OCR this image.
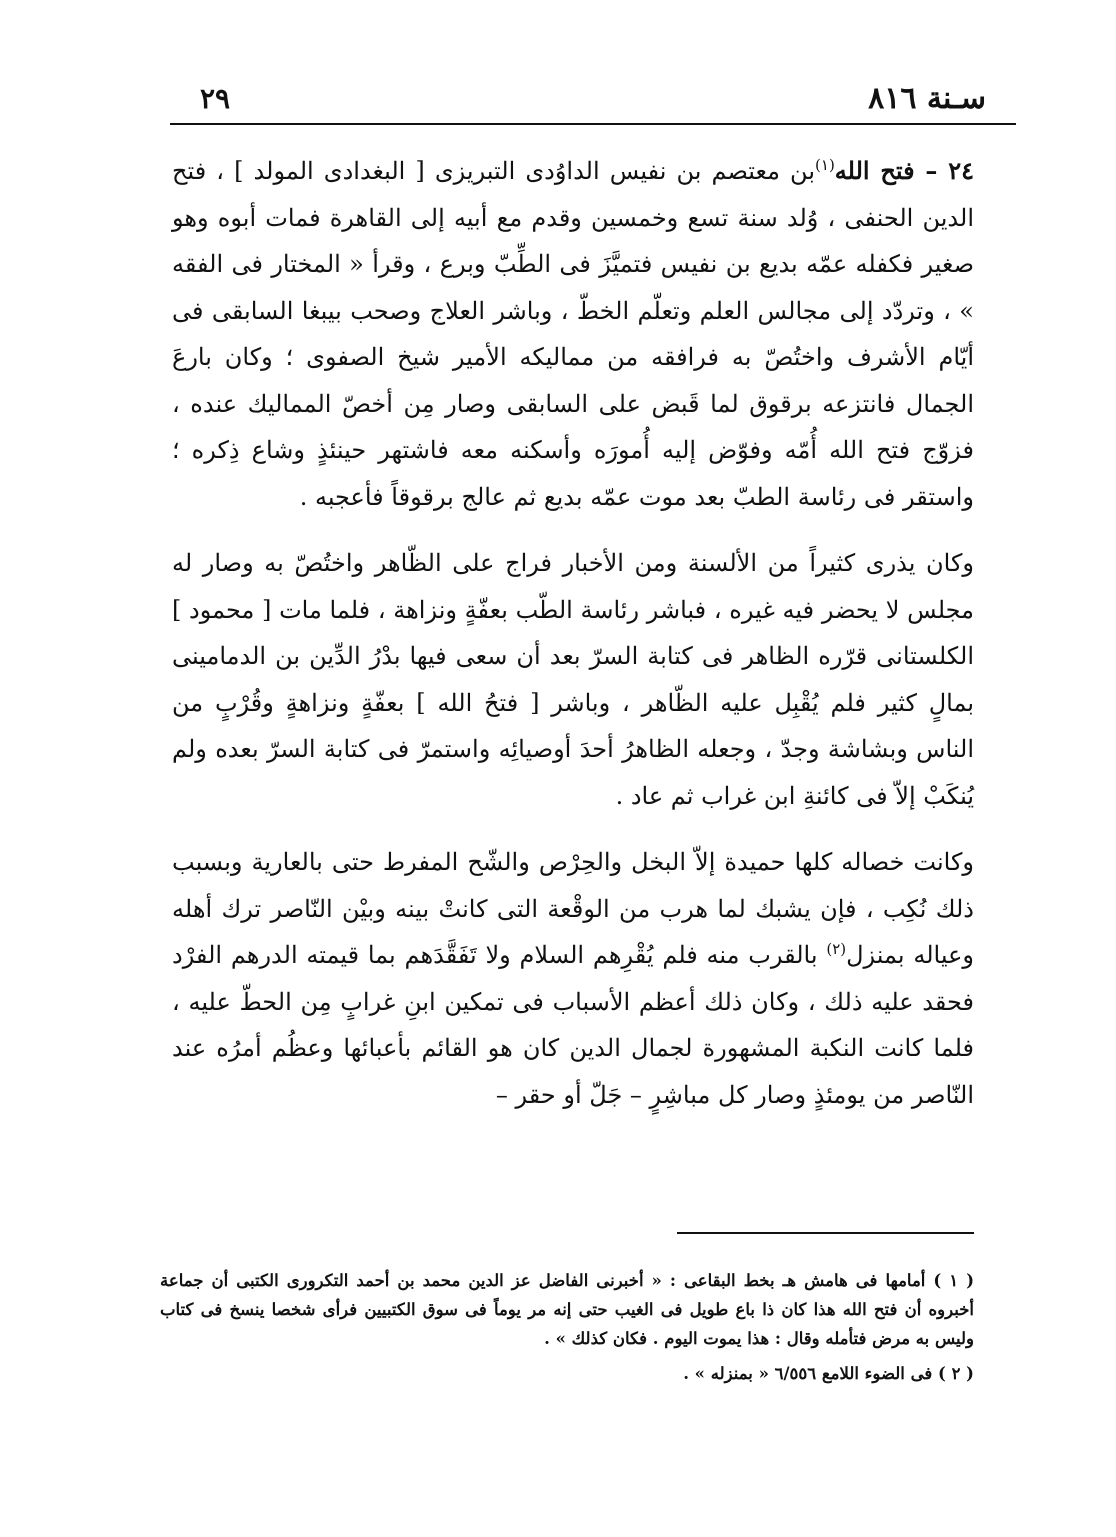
سـنة ٨١٦
٢٩

٢٤ – فتح الله$^{(١)}$بن معتصم بن نفيس الداوُدى التبريزى [ البغدادى المولد ] ، فتح الدين الحنفى ، وُلد سنة تسع وخمسين وقدم مع أبيه إلى القاهرة فمات أبوه وهو صغير فكفله عمّه بديع بن نفيس فتميَّزَ فى الطِّبّ وبرع ، وقرأ « المختار فى الفقه » ، وتردّد إلى مجالس العلم وتعلّم الخطّ ، وباشر العلاج وصحب بيبغا السابقى فى أيّام الأشرف واختُصّ به فرافقه من مماليكه الأمير شيخ الصفوى ؛ وكان بارعَ الجمال فانتزعه برقوق لما قَبض على السابقى وصار مِن أخصّ المماليك عنده ، فزوّج فتح الله أُمّه وفوّض إليه أُمورَه وأسكنه معه فاشتهر حينئذٍ وشاع ذِكره ؛ واستقر فى رئاسة الطبّ بعد موت عمّه بديع ثم عالج برقوقاً فأعجبه .

وكان يذرى كثيراً من الألسنة ومن الأخبار فراج على الظّاهر واختُصّ به وصار له مجلس لا يحضر فيه غيره ، فباشر رئاسة الطّب بعفّةٍ ونزاهة ، فلما مات [ محمود ] الكلستانى قرّره الظاهر فى كتابة السرّ بعد أن سعى فيها بدْرُ الدِّين بن الدمامينى بمالٍ كثير فلم يُقْبِل عليه الظّاهر ، وباشر [ فتحُ الله ] بعفّةٍ ونزاهةٍ وقُرْبٍ من الناس وبشاشة وجدّ ، وجعله الظاهرُ أحدَ أوصيائِه واستمرّ فى كتابة السرّ بعده ولم يُنكَبْ إلاّ فى كائنةِ ابن غراب ثم عاد .

وكانت خصاله كلها حميدة إلاّ البخل والحِرْص والشّح المفرط حتى بالعارية وبسبب ذلك نُكِب ، فإن يشبك لما هرب من الوقْعة التى كانتْ بينه وبيْن النّاصر ترك أهله وعياله بمنزل$^{(٢)}$ بالقرب منه فلم يُقْرِهم السلام ولا تَفَقَّدَهم بما قيمته الدرهم الفرْد فحقد عليه ذلك ، وكان ذلك أعظم الأسباب فى تمكين ابنِ غرابٍ مِن الحطّ عليه ، فلما كانت النكبة المشهورة لجمال الدين كان هو القائم بأعبائها وعظُم أمرُه عند النّاصر من يومئذٍ وصار كل مباشِرٍ – جَلّ أو حقر –

( ١ ) أمامها فى هامش هـ بخط البقاعى : « أخبرنى الفاضل عز الدين محمد بن أحمد التكرورى الكتبى أن جماعة أخبروه أن فتح الله هذا كان ذا باع طويل فى الغيب حتى إنه مر يوماً فى سوق الكتبيين فرأى شخصا ينسخ فى كتاب وليس به مرض فتأمله وقال : هذا يموت اليوم . فكان كذلك » .

( ٢ ) فى الضوء اللامع ٦/٥٥٦ « بمنزله » .
